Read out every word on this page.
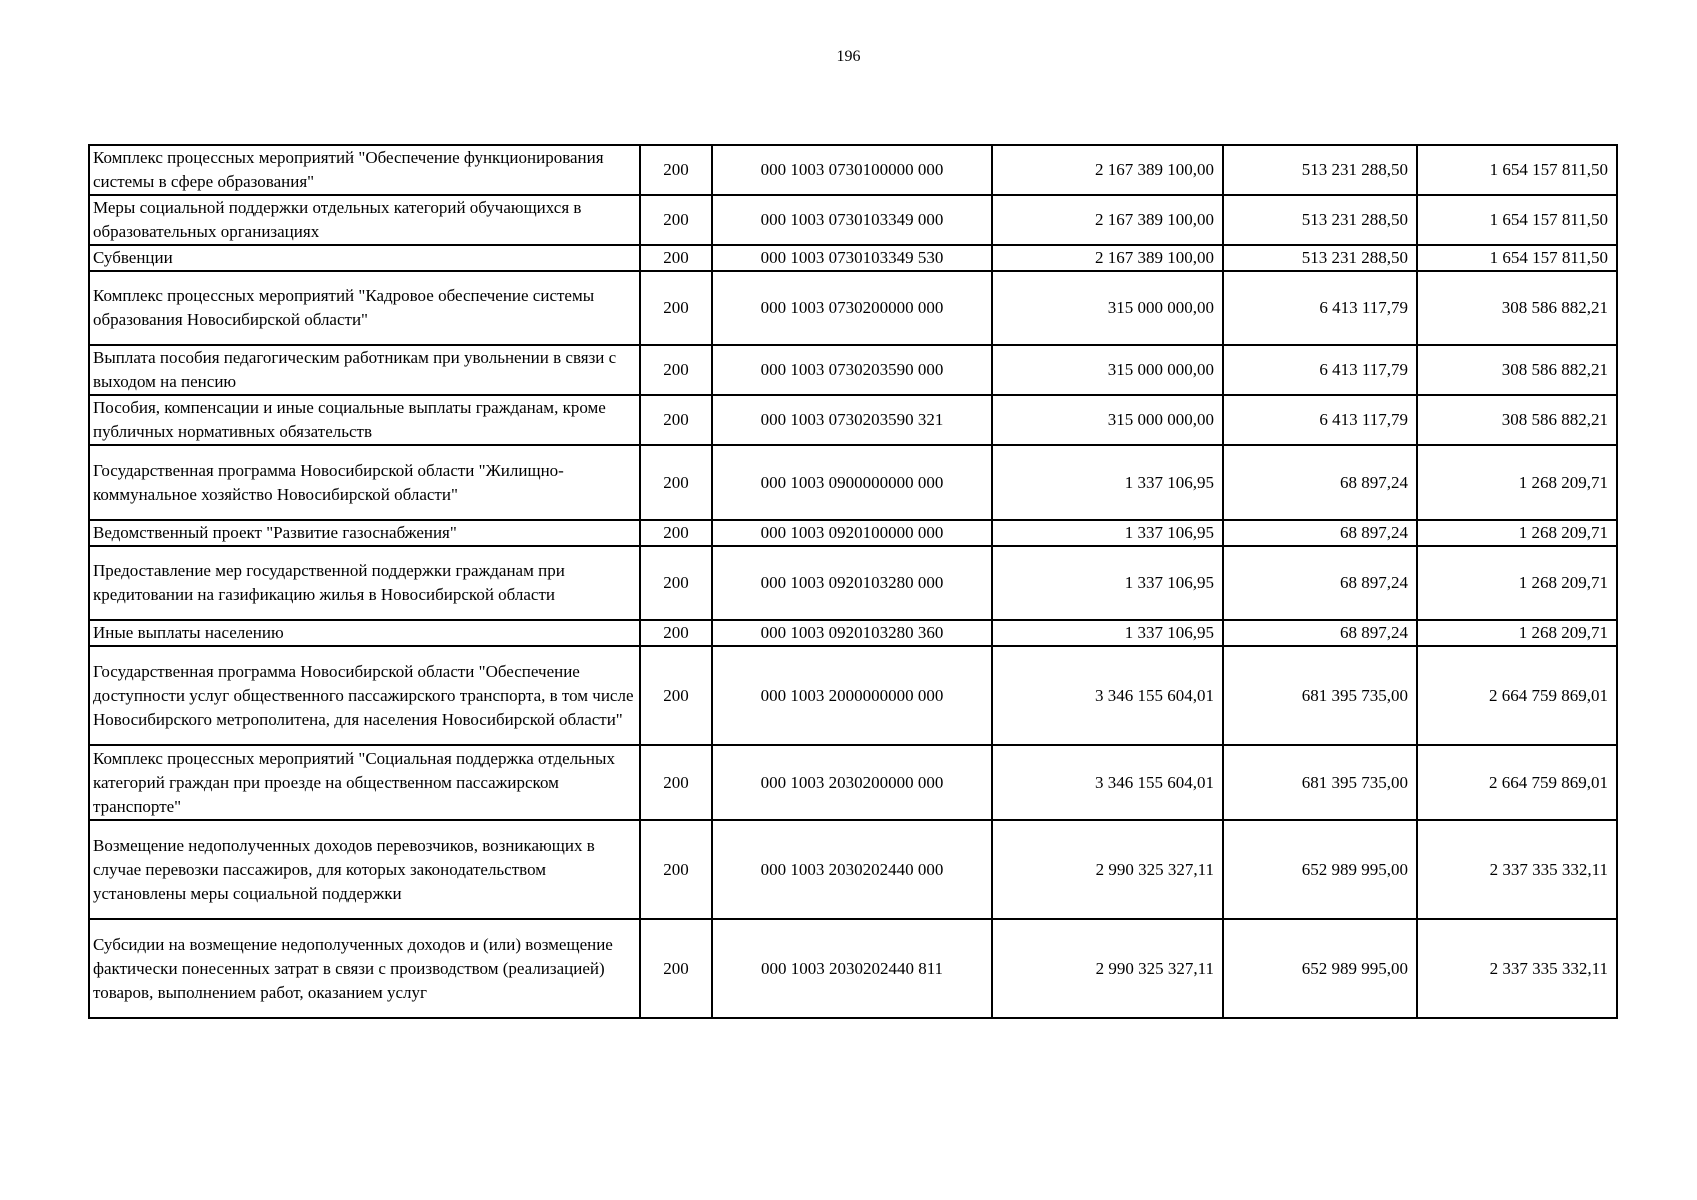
196
Комплекс процессных мероприятий "Обеспечение функционирования системы в сфере образования"	200	000 1003 0730100000 000	2 167 389 100,00	513 231 288,50	1 654 157 811,50
Меры социальной поддержки отдельных категорий обучающихся в образовательных организациях	200	000 1003 0730103349 000	2 167 389 100,00	513 231 288,50	1 654 157 811,50
Субвенции	200	000 1003 0730103349 530	2 167 389 100,00	513 231 288,50	1 654 157 811,50
Комплекс процессных мероприятий "Кадровое обеспечение системы образования Новосибирской области"	200	000 1003 0730200000 000	315 000 000,00	6 413 117,79	308 586 882,21
Выплата пособия педагогическим работникам при увольнении в связи с выходом на пенсию	200	000 1003 0730203590 000	315 000 000,00	6 413 117,79	308 586 882,21
Пособия, компенсации и иные социальные выплаты гражданам, кроме публичных нормативных обязательств	200	000 1003 0730203590 321	315 000 000,00	6 413 117,79	308 586 882,21
Государственная программа Новосибирской области "Жилищно-коммунальное хозяйство Новосибирской области"	200	000 1003 0900000000 000	1 337 106,95	68 897,24	1 268 209,71
Ведомственный проект "Развитие газоснабжения"	200	000 1003 0920100000 000	1 337 106,95	68 897,24	1 268 209,71
Предоставление мер государственной поддержки гражданам при кредитовании на газификацию жилья в Новосибирской области	200	000 1003 0920103280 000	1 337 106,95	68 897,24	1 268 209,71
Иные выплаты населению	200	000 1003 0920103280 360	1 337 106,95	68 897,24	1 268 209,71
Государственная программа Новосибирской области "Обеспечение доступности услуг общественного пассажирского транспорта, в том числе Новосибирского метрополитена, для населения Новосибирской области"	200	000 1003 2000000000 000	3 346 155 604,01	681 395 735,00	2 664 759 869,01
Комплекс процессных мероприятий "Социальная поддержка отдельных категорий граждан при проезде на общественном пассажирском транспорте"	200	000 1003 2030200000 000	3 346 155 604,01	681 395 735,00	2 664 759 869,01
Возмещение недополученных доходов перевозчиков, возникающих в случае перевозки пассажиров, для которых законодательством установлены меры социальной поддержки	200	000 1003 2030202440 000	2 990 325 327,11	652 989 995,00	2 337 335 332,11
Субсидии на возмещение недополученных доходов и (или) возмещение фактически понесенных затрат в связи с производством (реализацией) товаров, выполнением работ, оказанием услуг	200	000 1003 2030202440 811	2 990 325 327,11	652 989 995,00	2 337 335 332,11
